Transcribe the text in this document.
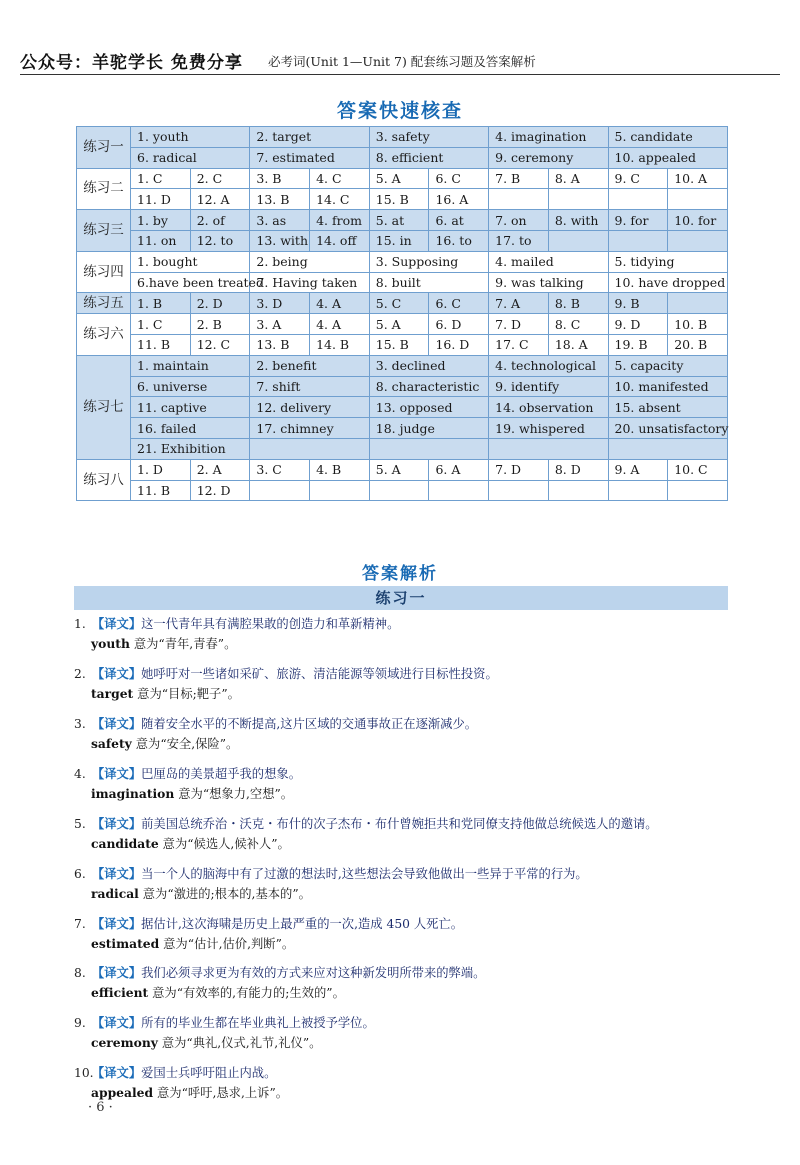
公众号：羊驼学长 免费分享 必考词(Unit 1—Unit 7) 配套练习题及答案解析
答案快速核查
练习一	1. youth		2. target		3. safety		4. imagination		5. candidate	
	6. radical		7. estimated		8. efficient		9. ceremony		10. appealed	
练习二	1. C	2. C	3. B	4. C	5. A	6. C	7. B	8. A	9. C	10. A
	11. D	12. A	13. B	14. C	15. B	16. A				
练习三	1. by	2. of	3. as	4. from	5. at	6. at	7. on	8. with	9. for	10. for
	11. on	12. to	13. with	14. off	15. in	16. to	17. to			
练习四	1. bought		2. being		3. Supposing		4. mailed		5. tidying	
	6.have been treated		7. Having taken		8. built		9. was talking		10. have dropped	
练习五	1. B	2. D	3. D	4. A	5. C	6. C	7. A	8. B	9. B	
练习六	1. C	2. B	3. A	4. A	5. A	6. D	7. D	8. C	9. D	10. B
	11. B	12. C	13. B	14. B	15. B	16. D	17. C	18. A	19. B	20. B
练习七	1. maintain		2. benefit		3. declined		4. technological		5. capacity	
	6. universe		7. shift		8. characteristic		9. identify		10. manifested	
	11. captive		12. delivery		13. opposed		14. observation		15. absent	
	16. failed		17. chimney		18. judge		19. whispered		20. unsatisfactory	
	21. Exhibition									
练习八	1. D	2. A	3. C	4. B	5. A	6. A	7. D	8. D	9. A	10. C
	11. B	12. D								
答案解析
练习一
1. 【译文】这一代青年具有满腔果敢的创造力和革新精神。
youth 意为“青年,青春”。
2. 【译文】她呼吁对一些诸如采矿、旅游、清洁能源等领域进行目标性投资。
target 意为“目标;靶子”。
3. 【译文】随着安全水平的不断提高,这片区域的交通事故正在逐渐减少。
safety 意为“安全,保险”。
4. 【译文】巴厘岛的美景超乎我的想象。
imagination 意为“想象力,空想”。
5. 【译文】前美国总统乔治・沃克・布什的次子杰布・布什曾婉拒共和党同僚支持他做总统候选人的邀请。
candidate 意为“候选人,候补人”。
6. 【译文】当一个人的脑海中有了过激的想法时,这些想法会导致他做出一些异于平常的行为。
radical 意为“激进的;根本的,基本的”。
7. 【译文】据估计,这次海啸是历史上最严重的一次,造成 450 人死亡。
estimated 意为“估计,估价,判断”。
8. 【译文】我们必须寻求更为有效的方式来应对这种新发明所带来的弊端。
efficient 意为“有效率的,有能力的;生效的”。
9. 【译文】所有的毕业生都在毕业典礼上被授予学位。
ceremony 意为“典礼,仪式,礼节,礼仪”。
10. 【译文】爱国士兵呼吁阻止内战。
appealed 意为“呼吁,恳求,上诉”。
· 6 ·
